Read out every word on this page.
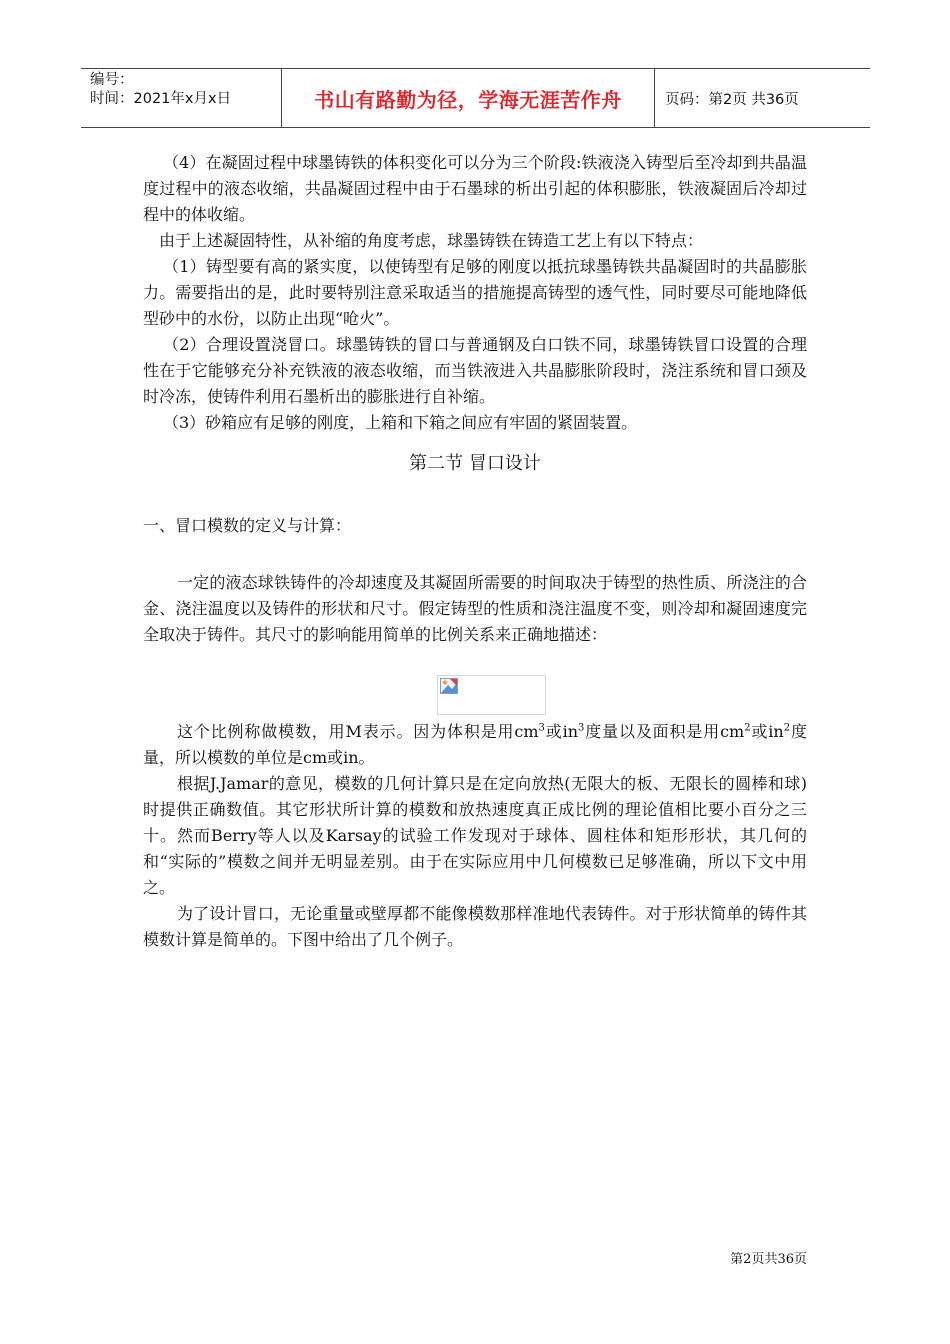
编号：
时间：2021年x月x日	书山有路勤为径，学海无涯苦作舟	页码：第2页 共36页

（4）在凝固过程中球墨铸铁的体积变化可以分为三个阶段:铁液浇入铸型后至冷却到共晶温度过程中的液态收缩，共晶凝固过程中由于石墨球的析出引起的体积膨胀，铁液凝固后冷却过程中的体收缩。

由于上述凝固特性，从补缩的角度考虑，球墨铸铁在铸造工艺上有以下特点：

（1）铸型要有高的紧实度，以使铸型有足够的刚度以抵抗球墨铸铁共晶凝固时的共晶膨胀力。需要指出的是，此时要特别注意采取适当的措施提高铸型的透气性，同时要尽可能地降低型砂中的水份，以防止出现“呛火”。

（2）合理设置浇冒口。球墨铸铁的冒口与普通钢及白口铁不同，球墨铸铁冒口设置的合理性在于它能够充分补充铁液的液态收缩，而当铁液进入共晶膨胀阶段时，浇注系统和冒口颈及时冷冻，使铸件利用石墨析出的膨胀进行自补缩。

（3）砂箱应有足够的刚度，上箱和下箱之间应有牢固的紧固装置。

第二节 冒口设计
一、冒口模数的定义与计算：

一定的液态球铁铸件的冷却速度及其凝固所需要的时间取决于铸型的热性质、所浇注的合金、浇注温度以及铸件的形状和尺寸。假定铸型的性质和浇注温度不变，则冷却和凝固速度完全取决于铸件。其尺寸的影响能用简单的比例关系来正确地描述：

这个比例称做模数，用M表示。因为体积是用$cm^3$或$in^3$度量以及面积是用$cm^2$或$in^2$度量，所以模数的单位是cm或in。

根据J.Jamar的意见，模数的几何计算只是在定向放热(无限大的板、无限长的圆棒和球)时提供正确数值。其它形状所计算的模数和放热速度真正成比例的理论值相比要小百分之三十。然而Berry等人以及Karsay的试验工作发现对于球体、圆柱体和矩形形状，其几何的和“实际的”模数之间并无明显差别。由于在实际应用中几何模数已足够准确，所以下文中用之。

为了设计冒口，无论重量或壁厚都不能像模数那样准地代表铸件。对于形状简单的铸件其模数计算是简单的。下图中给出了几个例子。

第2页共36页
